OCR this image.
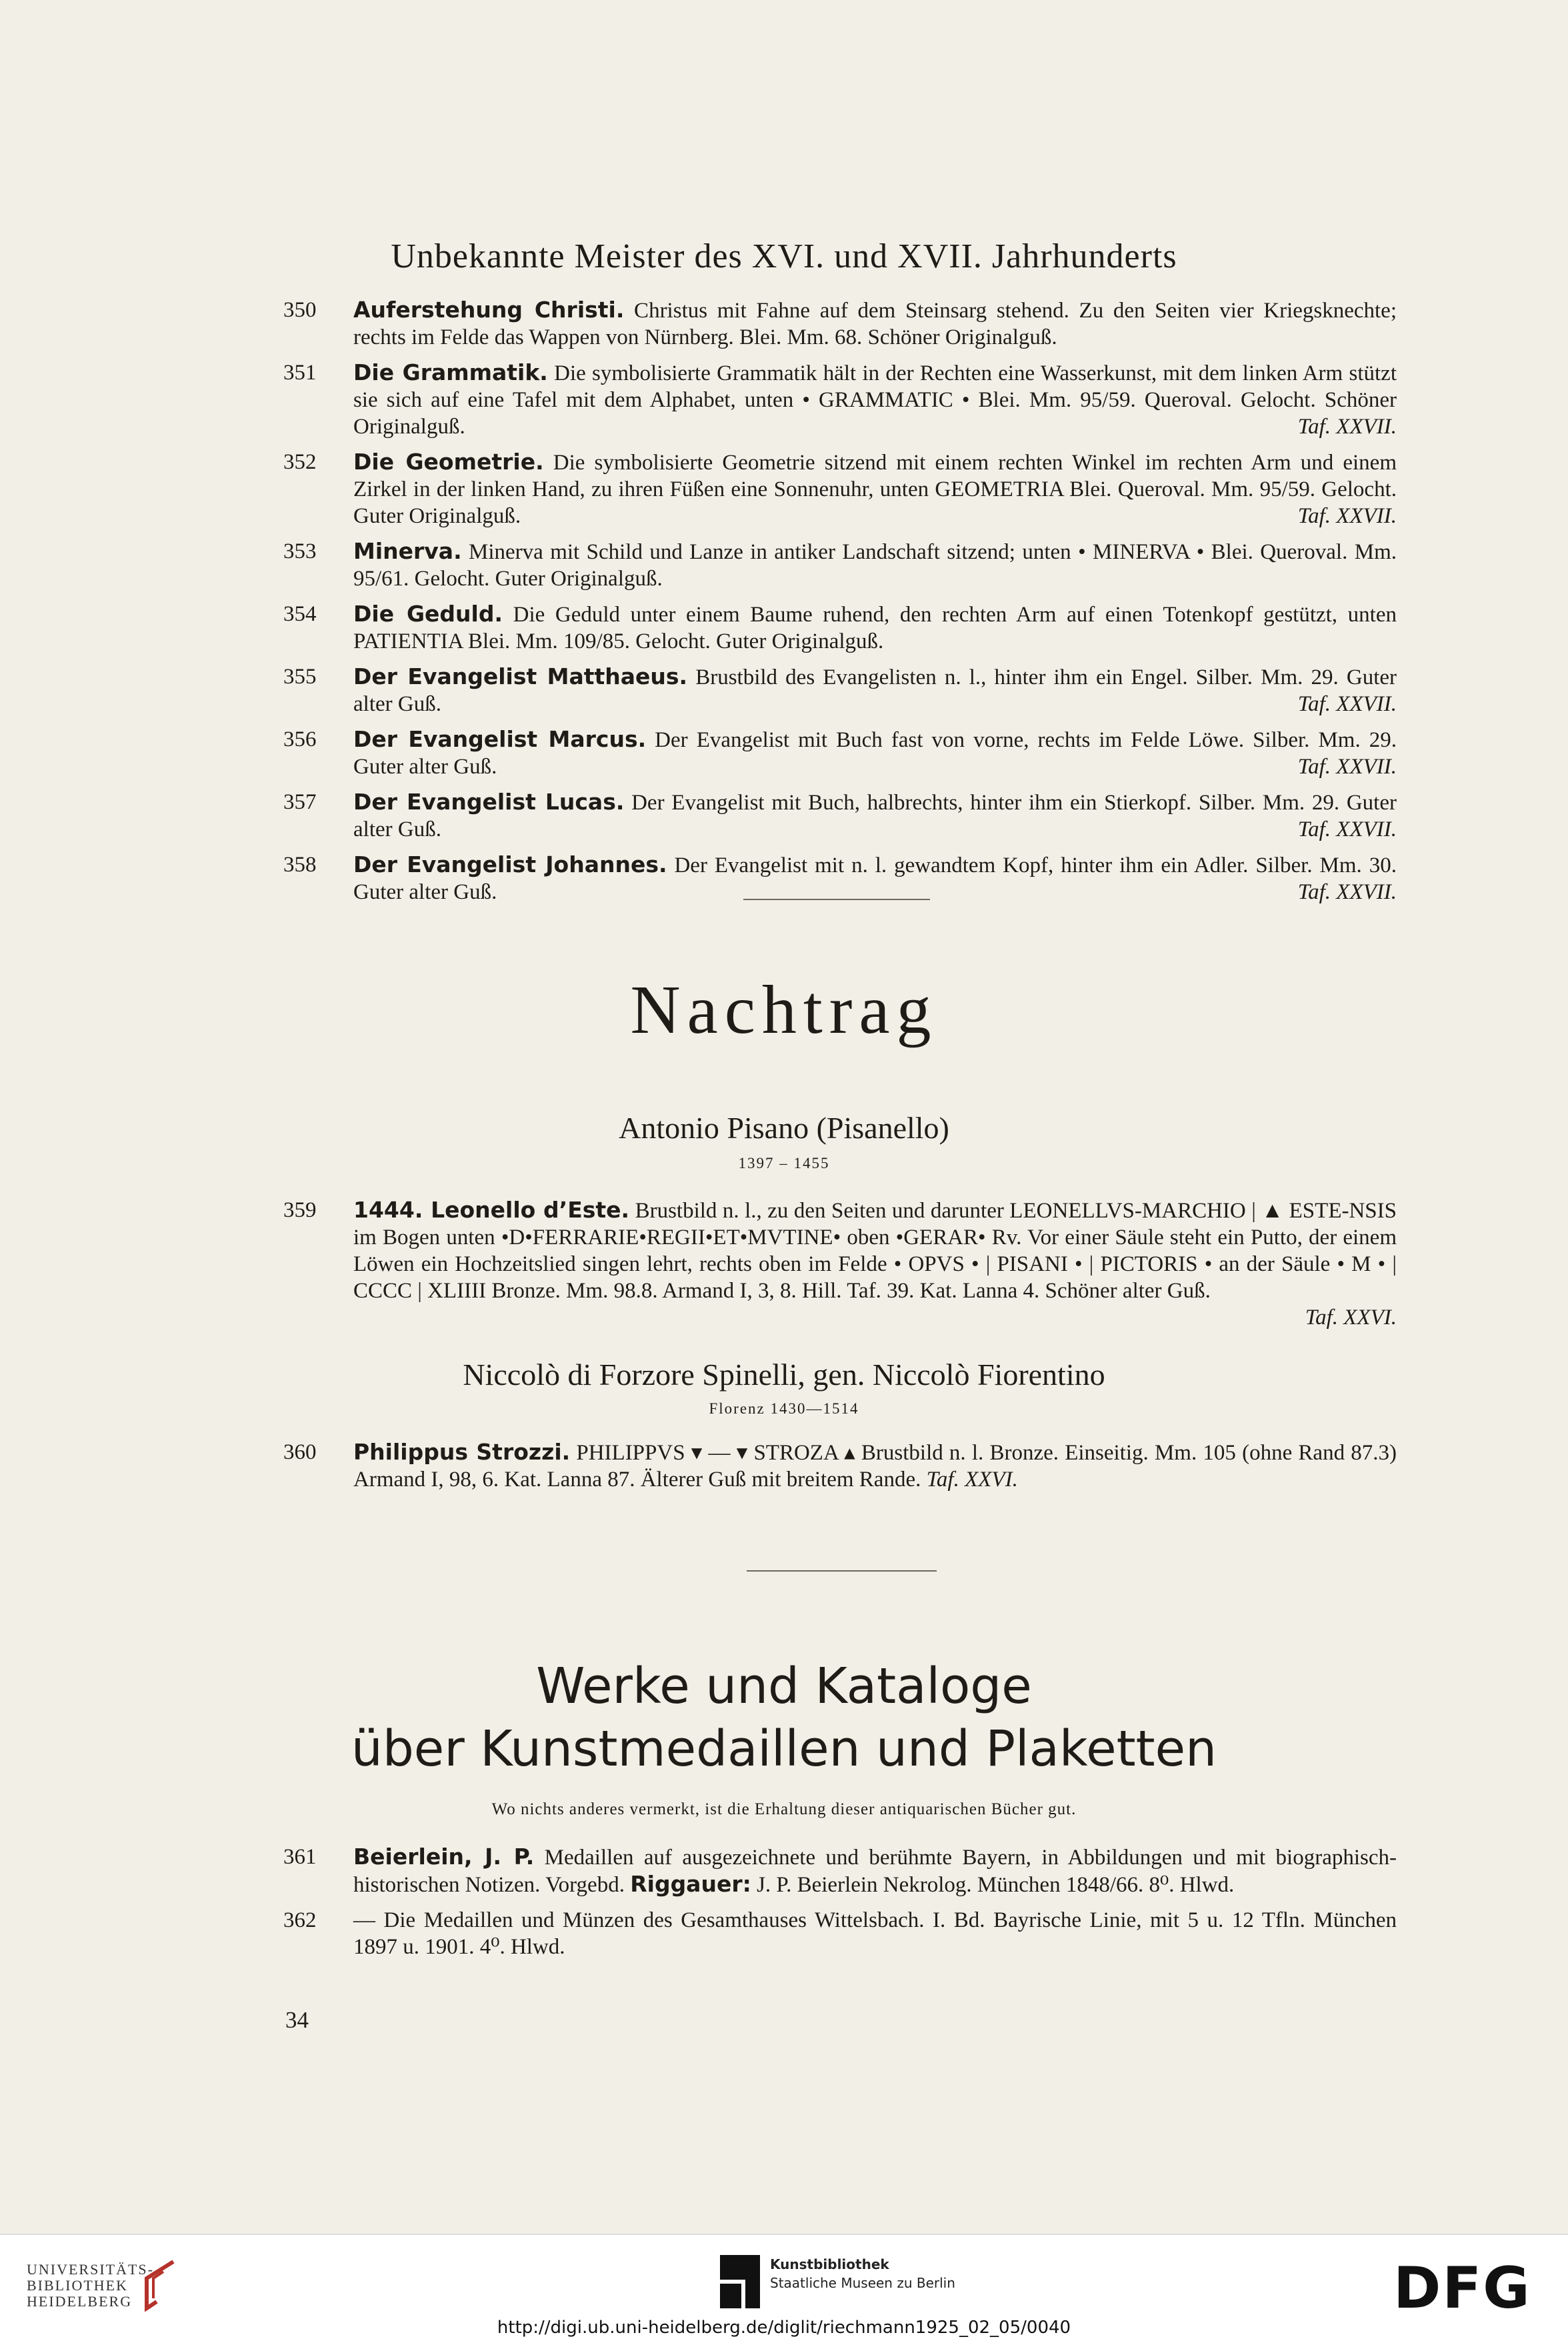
Unbekannte Meister des XVI. und XVII. Jahrhunderts
350	Auferstehung Christi. Christus mit Fahne auf dem Steinsarg stehend. Zu den Seiten vier Kriegsknechte; rechts im Felde das Wappen von Nürnberg. Blei. Mm. 68. Schöner Originalguß.
351	Die Grammatik. Die symbolisierte Grammatik hält in der Rechten eine Wasserkunst, mit dem linken Arm stützt sie sich auf eine Tafel mit dem Alphabet, unten • GRAMMATIC • Blei. Mm. 95/59. Queroval. Gelocht. Schöner Originalguß.	Taf. XXVII.
352	Die Geometrie. Die symbolisierte Geometrie sitzend mit einem rechten Winkel im rechten Arm und einem Zirkel in der linken Hand, zu ihren Füßen eine Sonnenuhr, unten GEOMETRIA Blei. Queroval. Mm. 95/59. Gelocht. Guter Originalguß.	Taf. XXVII.
353	Minerva. Minerva mit Schild und Lanze in antiker Landschaft sitzend; unten • MINERVA • Blei. Queroval. Mm. 95/61. Gelocht. Guter Originalguß.
354	Die Geduld. Die Geduld unter einem Baume ruhend, den rechten Arm auf einen Totenkopf gestützt, unten PATIENTIA Blei. Mm. 109/85. Gelocht. Guter Originalguß.
355	Der Evangelist Matthaeus. Brustbild des Evangelisten n. l., hinter ihm ein Engel. Silber. Mm. 29. Guter alter Guß.	Taf. XXVII.
356	Der Evangelist Marcus. Der Evangelist mit Buch fast von vorne, rechts im Felde Löwe. Silber. Mm. 29. Guter alter Guß.	Taf. XXVII.
357	Der Evangelist Lucas. Der Evangelist mit Buch, halbrechts, hinter ihm ein Stierkopf. Silber. Mm. 29. Guter alter Guß.	Taf. XXVII.
358	Der Evangelist Johannes. Der Evangelist mit n. l. gewandtem Kopf, hinter ihm ein Adler. Silber. Mm. 30. Guter alter Guß.	Taf. XXVII.
Nachtrag
Antonio Pisano (Pisanello)
1397 – 1455
359	1444. Leonello d’Este. Brustbild n. l., zu den Seiten und darunter LEONELLVS-MARCHIO | ▲ ESTE-NSIS im Bogen unten •D•FERRARIE•REGII•ET•MVTINE• oben •GERAR• Rv. Vor einer Säule steht ein Putto, der einem Löwen ein Hochzeitslied singen lehrt, rechts oben im Felde • OPVS • | PISANI • | PICTORIS • an der Säule • M • | CCCC | XLIIII Bronze. Mm. 98.8. Armand I, 3, 8. Hill. Taf. 39. Kat. Lanna 4. Schöner alter Guß.
Taf. XXVI.
Niccolò di Forzore Spinelli, gen. Niccolò Fiorentino
Florenz 1430—1514
360	Philippus Strozzi. PHILIPPVS ▾ — ▾ STROZA ▴ Brustbild n. l. Bronze. Einseitig. Mm. 105 (ohne Rand 87.3) Armand I, 98, 6. Kat. Lanna 87. Älterer Guß mit breitem Rande. Taf. XXVI.
Werke und Kataloge
über Kunstmedaillen und Plaketten
Wo nichts anderes vermerkt, ist die Erhaltung dieser antiquarischen Bücher gut.
361	Beierlein, J. P. Medaillen auf ausgezeichnete und berühmte Bayern, in Abbildungen und mit biographisch-historischen Notizen. Vorgebd. Riggauer: J. P. Beierlein Nekrolog. München 1848/66. 8⁰. Hlwd.
362	— Die Medaillen und Münzen des Gesamthauses Wittelsbach. I. Bd. Bayrische Linie, mit 5 u. 12 Tfln. München 1897 u. 1901. 4⁰. Hlwd.
34
UNIVERSITÄTS-
BIBLIOTHEK
HEIDELBERG
Kunstbibliothek
Staatliche Museen zu Berlin	DFG
http://digi.ub.uni-heidelberg.de/diglit/riechmann1925_02_05/0040
